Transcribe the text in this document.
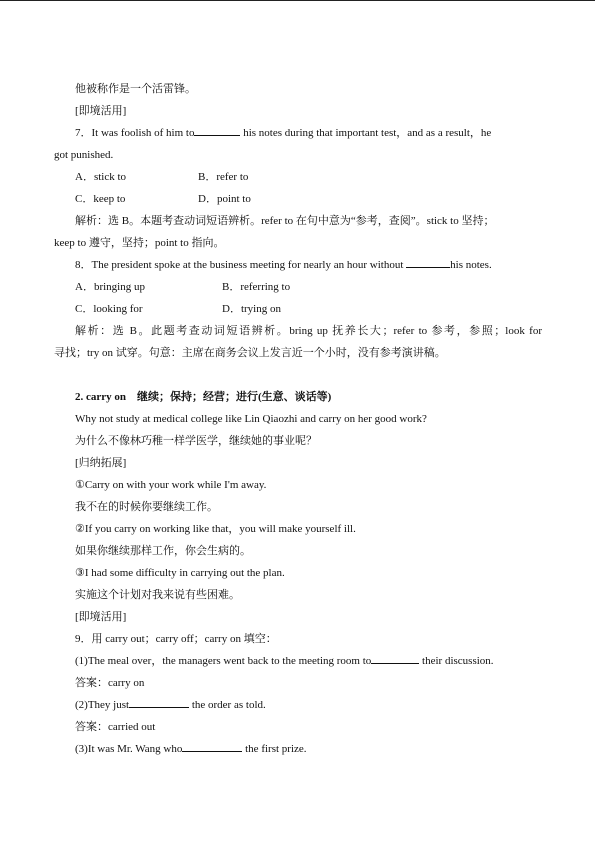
他被称作是一个活雷锋。
[即境活用]
7．It was foolish of him to	his notes during that important test，and as a result，he
got punished.
A．stick to	B．refer to
C．keep to	D．point to
解析：选 B。本题考查动词短语辨析。refer to 在句中意为“参考，查阅”。stick to 坚持；
keep to 遵守，坚持；point to 指向。
8．The president spoke at the business meeting for nearly an hour without	his notes.
A．bringing up	B．referring to
C．looking for	D．trying on
解析：选 B。此题考查动词短语辨析。bring up 抚养长大；refer to 参考，参照；look for
寻找；try on 试穿。句意：主席在商务会议上发言近一个小时，没有参考演讲稿。
2. carry on　继续；保持；经营；进行(生意、谈话等)
Why not study at medical college like Lin Qiaozhi and carry on her good work?
为什么不像林巧稚一样学医学，继续她的事业呢？
[归纳拓展]
①Carry on with your work while I'm away.
我不在的时候你要继续工作。
②If you carry on working like that，you will make yourself ill.
如果你继续那样工作，你会生病的。
③I had some difficulty in carrying out the plan.
实施这个计划对我来说有些困难。
[即境活用]
9．用 carry out；carry off；carry on 填空：
(1)The meal over，the managers went back to the meeting room to	their discussion.
答案：carry on
(2)They just	the order as told.
答案：carried out
(3)It was Mr. Wang who	the first prize.
